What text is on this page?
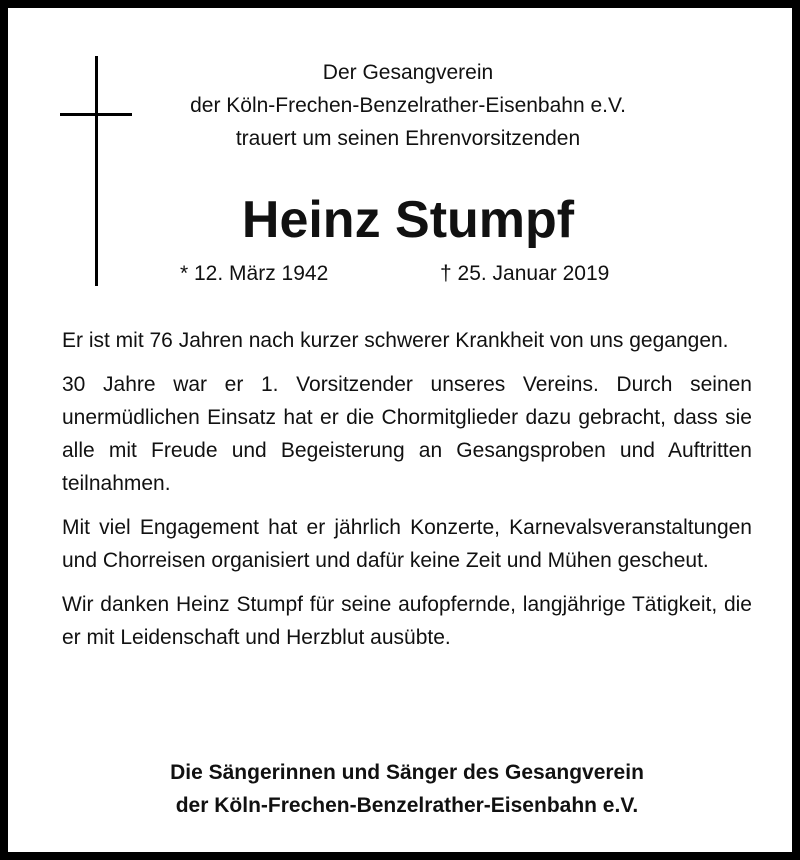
Der Gesangverein
der Köln-Frechen-Benzelrather-Eisenbahn e.V.
trauert um seinen Ehrenvorsitzenden
Heinz Stumpf
* 12. März 1942	† 25. Januar 2019

Er ist mit 76 Jahren nach kurzer schwerer Krankheit von uns gegangen.

30 Jahre war er 1. Vorsitzender unseres Vereins. Durch seinen unermüdlichen Einsatz hat er die Chormitglieder dazu gebracht, dass sie alle mit Freude und Begeisterung an Gesangsproben und Auftritten teilnahmen.

Mit viel Engagement hat er jährlich Konzerte, Karnevalsveranstaltungen und Chorreisen organisiert und dafür keine Zeit und Mühen gescheut.

Wir danken Heinz Stumpf für seine aufopfernde, langjährige Tätigkeit, die er mit Leidenschaft und Herzblut ausübte.

Die Sängerinnen und Sänger des Gesangverein
der Köln-Frechen-Benzelrather-Eisenbahn e.V.
